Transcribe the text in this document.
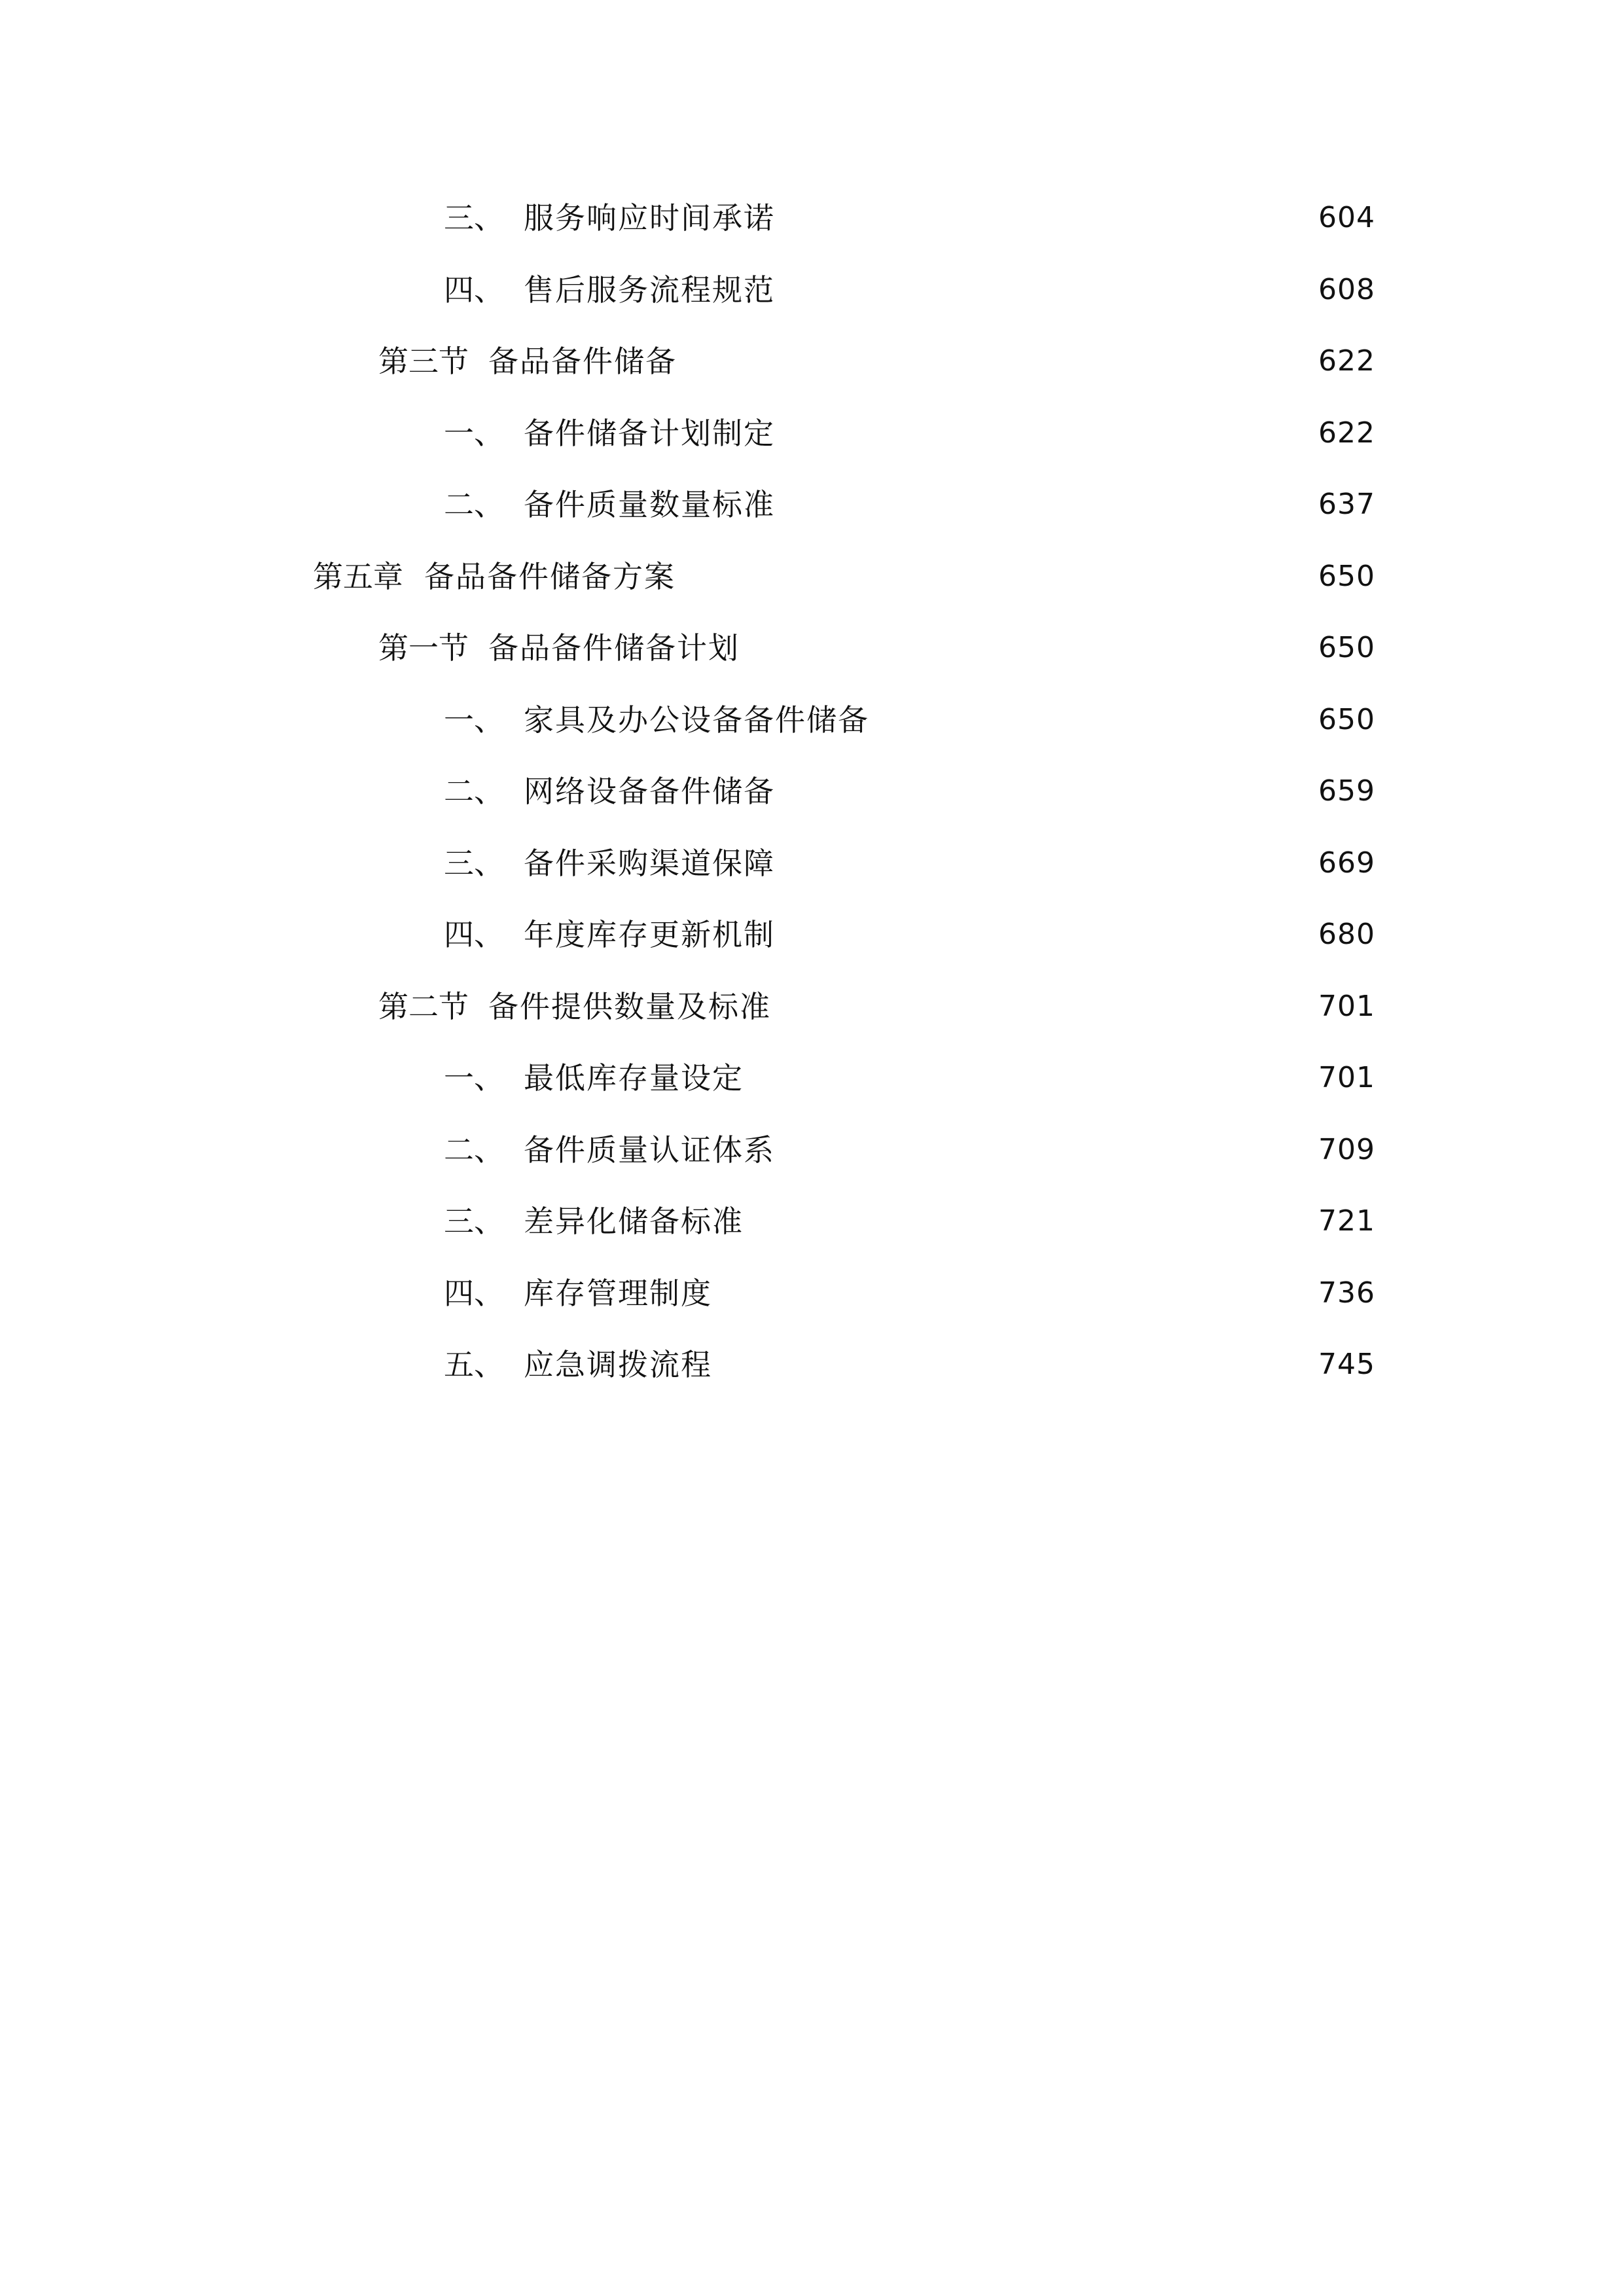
三、 服务响应时间承诺	604
四、 售后服务流程规范	608
第三节 备品备件储备	622
一、 备件储备计划制定	622
二、 备件质量数量标准	637
第五章 备品备件储备方案	650
第一节 备品备件储备计划	650
一、 家具及办公设备备件储备	650
二、 网络设备备件储备	659
三、 备件采购渠道保障	669
四、 年度库存更新机制	680
第二节 备件提供数量及标准	701
一、 最低库存量设定	701
二、 备件质量认证体系	709
三、 差异化储备标准	721
四、 库存管理制度	736
五、 应急调拨流程	745
